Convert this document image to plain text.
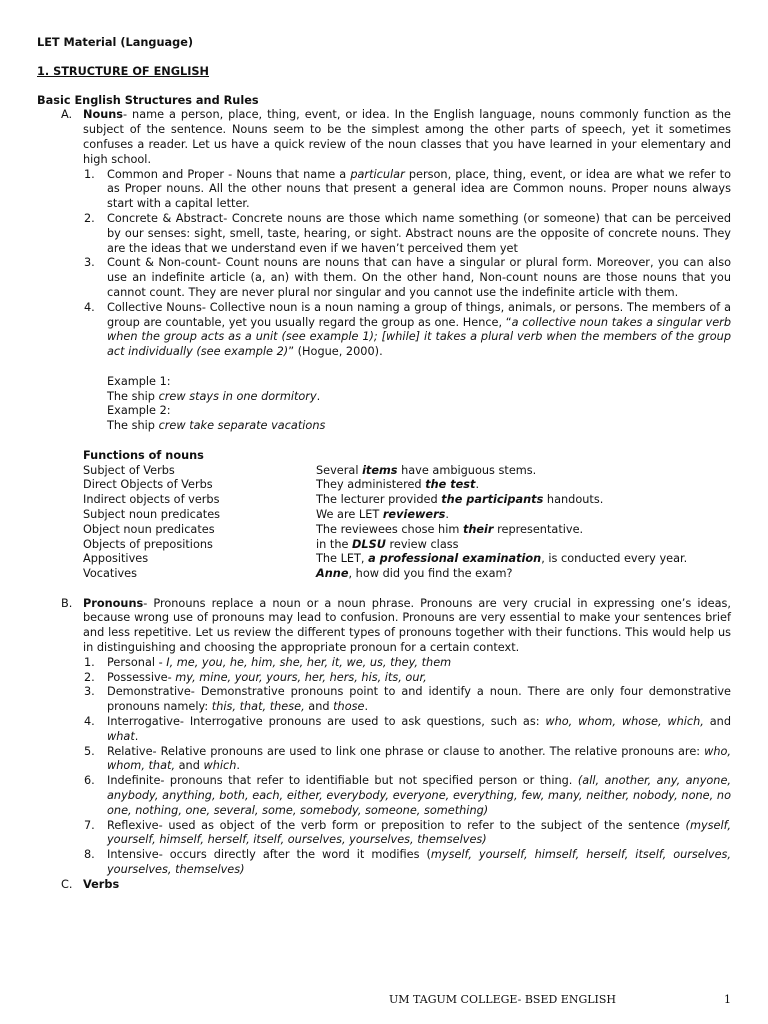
LET Material (Language)

1. STRUCTURE OF ENGLISH

Basic English Structures and Rules

A. Nouns- name a person, place, thing, event, or idea. In the English language, nouns commonly function as the subject of the sentence. Nouns seem to be the simplest among the other parts of speech, yet it sometimes confuses a reader. Let us have a quick review of the noun classes that you have learned in your elementary and high school.
1. Common and Proper - Nouns that name a particular person, place, thing, event, or idea are what we refer to as Proper nouns. All the other nouns that present a general idea are Common nouns. Proper nouns always start with a capital letter.
2. Concrete & Abstract- Concrete nouns are those which name something (or someone) that can be perceived by our senses: sight, smell, taste, hearing, or sight. Abstract nouns are the opposite of concrete nouns. They are the ideas that we understand even if we haven’t perceived them yet
3. Count & Non-count- Count nouns are nouns that can have a singular or plural form. Moreover, you can also use an indefinite article (a, an) with them. On the other hand, Non-count nouns are those nouns that you cannot count. They are never plural nor singular and you cannot use the indefinite article with them.
4. Collective Nouns- Collective noun is a noun naming a group of things, animals, or persons. The members of a group are countable, yet you usually regard the group as one. Hence, “a collective noun takes a singular verb when the group acts as a unit (see example 1); [while] it takes a plural verb when the members of the group act individually (see example 2)” (Hogue, 2000).

Example 1:

The ship crew stays in one dormitory.

Example 2:

The ship crew take separate vacations

Functions of nouns

Subject of Verbs	Several items have ambiguous stems.
Direct Objects of Verbs	They administered the test.
Indirect objects of verbs	The lecturer provided the participants handouts.
Subject noun predicates	We are LET reviewers.
Object noun predicates	The reviewees chose him their representative.
Objects of prepositions	in the DLSU review class
Appositives	The LET, a professional examination, is conducted every year.
Vocatives	Anne, how did you find the exam?
B. Pronouns- Pronouns replace a noun or a noun phrase. Pronouns are very crucial in expressing one’s ideas, because wrong use of pronouns may lead to confusion. Pronouns are very essential to make your sentences brief and less repetitive. Let us review the different types of pronouns together with their functions. This would help us in distinguishing and choosing the appropriate pronoun for a certain context.
1. Personal - I, me, you, he, him, she, her, it, we, us, they, them
2. Possessive- my, mine, your, yours, her, hers, his, its, our,
3. Demonstrative- Demonstrative pronouns point to and identify a noun. There are only four demonstrative pronouns namely: this, that, these, and those.
4. Interrogative- Interrogative pronouns are used to ask questions, such as: who, whom, whose, which, and what.
5. Relative- Relative pronouns are used to link one phrase or clause to another. The relative pronouns are: who, whom, that, and which.
6. Indefinite- pronouns that refer to identifiable but not specified person or thing. (all, another, any, anyone, anybody, anything, both, each, either, everybody, everyone, everything, few, many, neither, nobody, none, no one, nothing, one, several, some, somebody, someone, something)
7. Reflexive- used as object of the verb form or preposition to refer to the subject of the sentence (myself, yourself, himself, herself, itself, ourselves, yourselves, themselves)
8. Intensive- occurs directly after the word it modifies (myself, yourself, himself, herself, itself, ourselves, yourselves, themselves)
C. Verbs
UM TAGUM COLLEGE- BSED ENGLISH	1
